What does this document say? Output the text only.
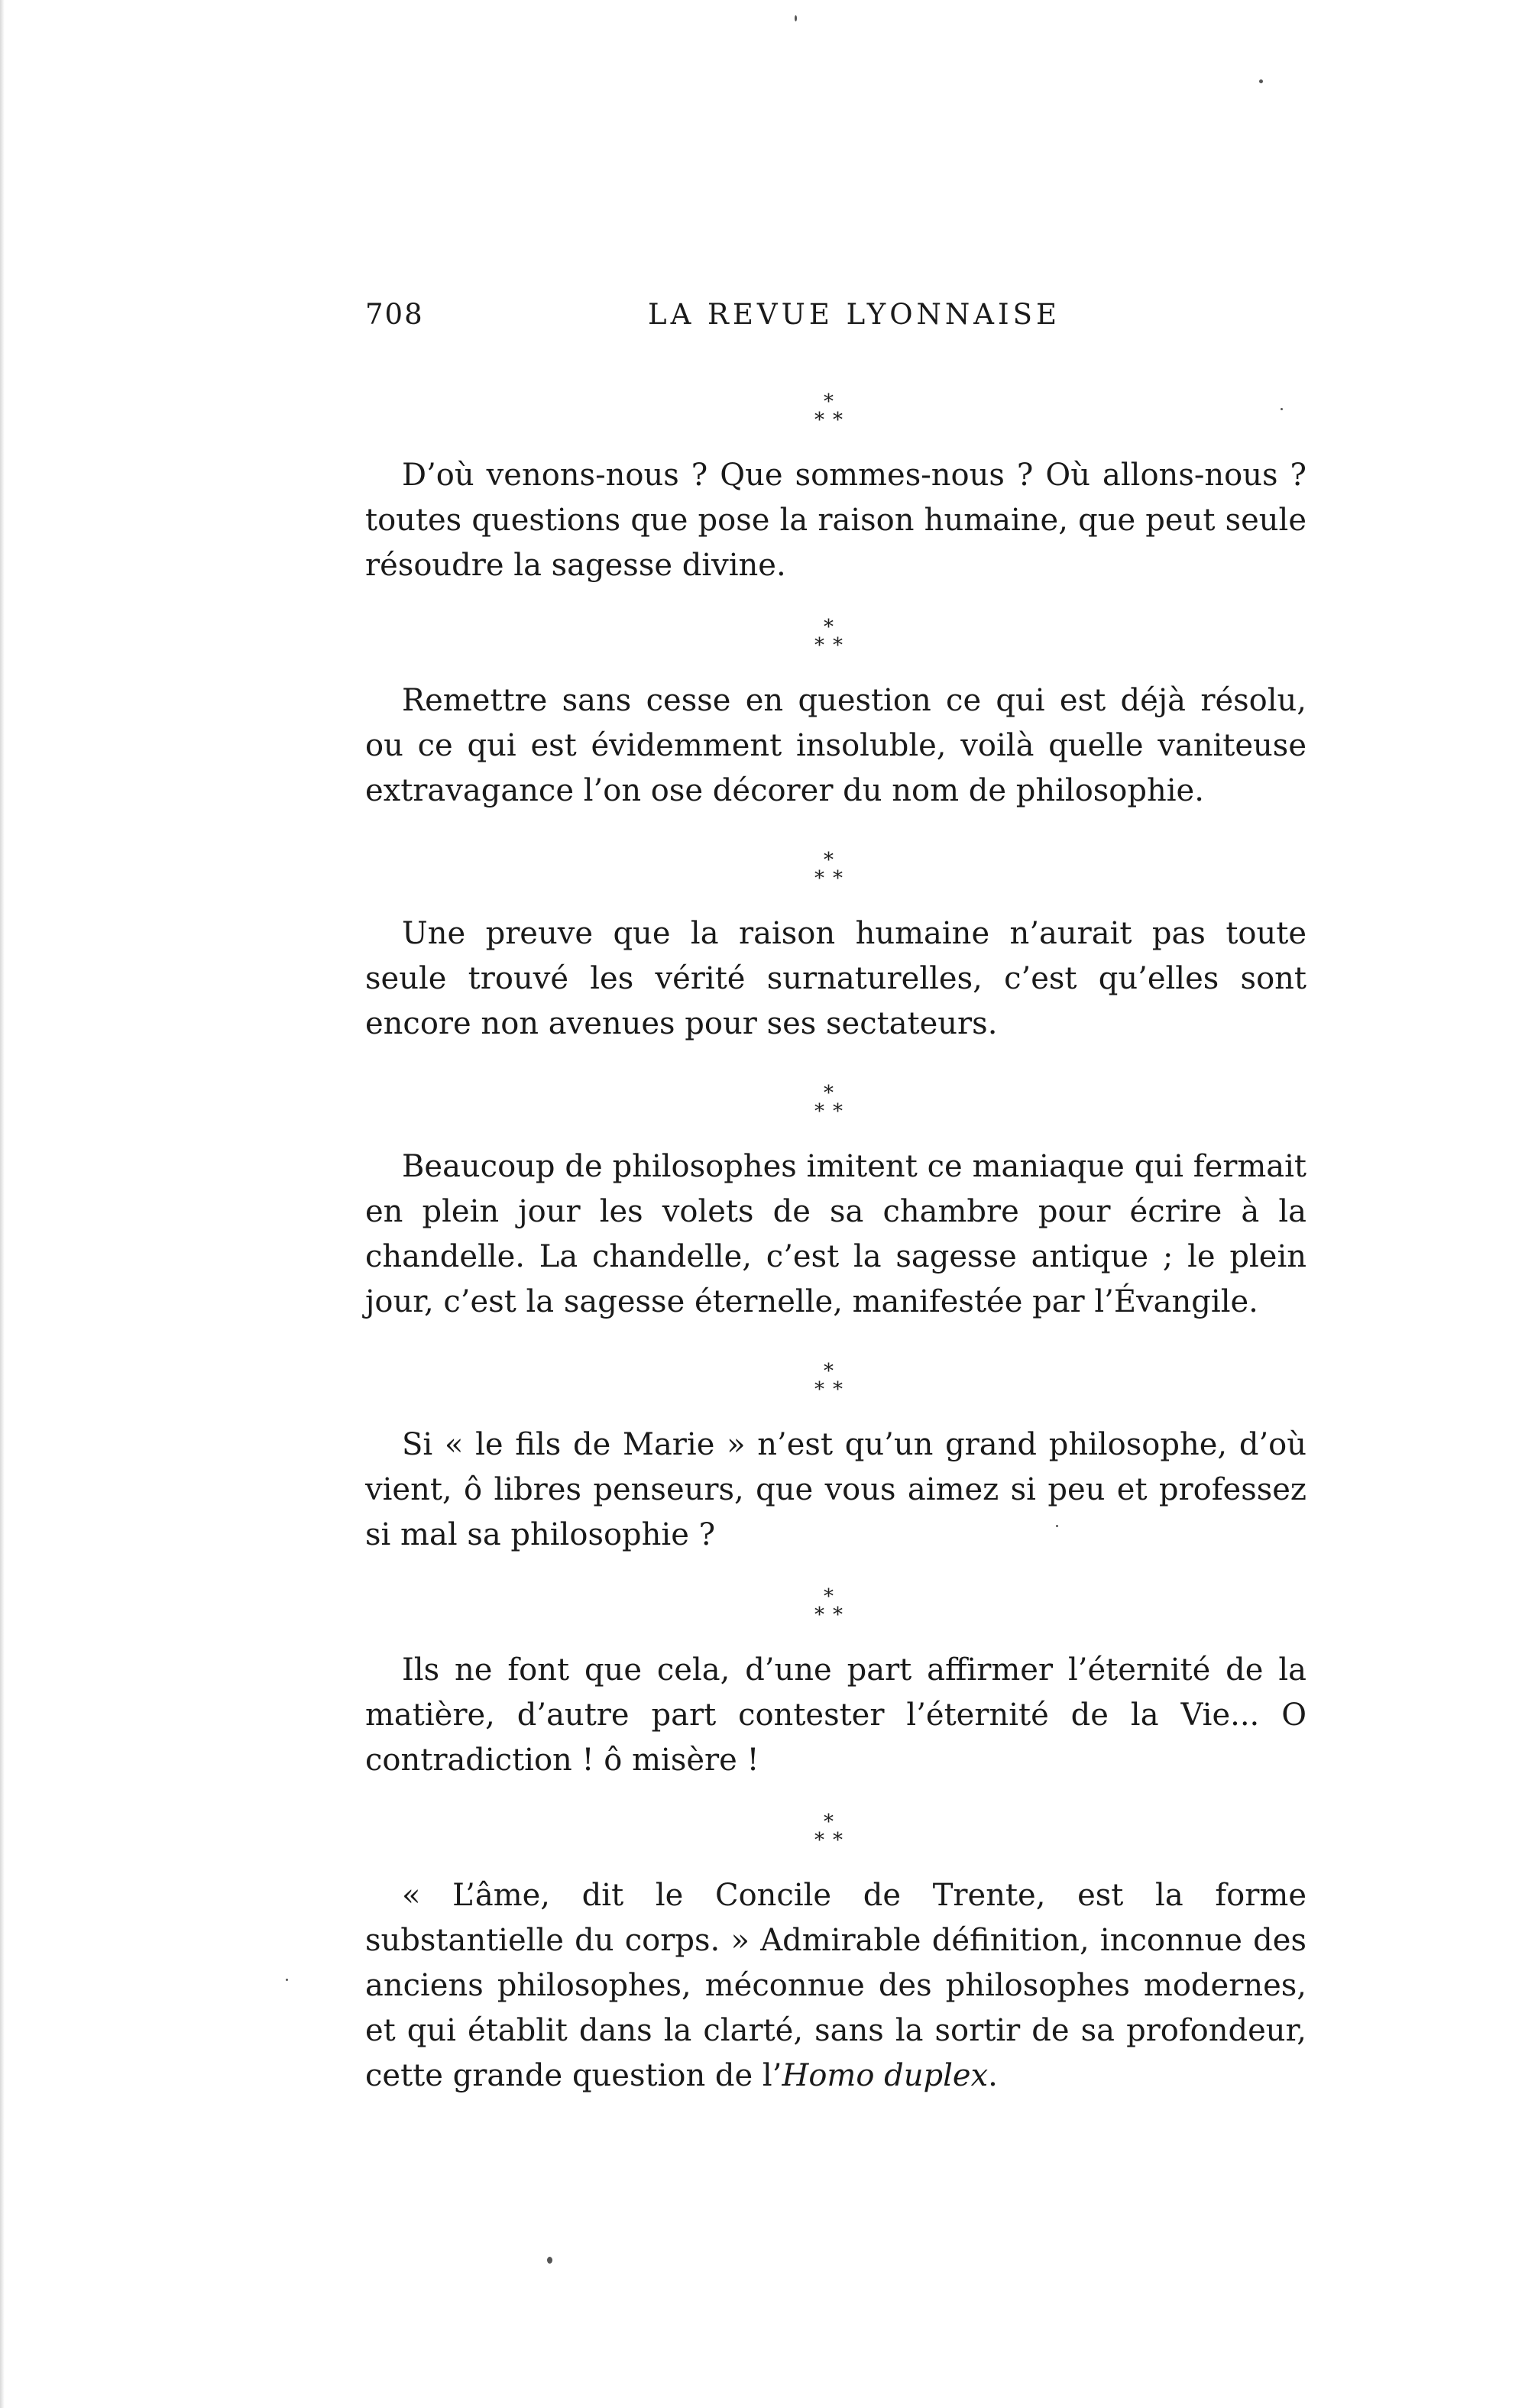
708	LA REVUE LYONNAISE
*
* *

D’où venons-nous ? Que sommes-nous ? Où allons-nous ? toutes questions que pose la raison humaine, que peut seule résoudre la sagesse divine.

*
* *

Remettre sans cesse en question ce qui est déjà résolu, ou ce qui est évidemment insoluble, voilà quelle vaniteuse extravagance l’on ose décorer du nom de philosophie.

*
* *

Une preuve que la raison humaine n’aurait pas toute seule trouvé les vérité surnaturelles, c’est qu’elles sont encore non avenues pour ses sectateurs.

*
* *

Beaucoup de philosophes imitent ce maniaque qui fermait en plein jour les volets de sa chambre pour écrire à la chandelle. La chandelle, c’est la sagesse antique ; le plein jour, c’est la sagesse éternelle, manifestée par l’Évangile.

*
* *

Si « le fils de Marie » n’est qu’un grand philosophe, d’où vient, ô libres penseurs, que vous aimez si peu et professez si mal sa philosophie ?

*
* *

Ils ne font que cela, d’une part affirmer l’éternité de la matière, d’autre part contester l’éternité de la Vie... O contradiction ! ô misère !

*
* *

« L’âme, dit le Concile de Trente, est la forme substantielle du corps. » Admirable définition, inconnue des anciens philosophes, méconnue des philosophes modernes, et qui établit dans la clarté, sans la sortir de sa profondeur, cette grande question de l’Homo duplex.
